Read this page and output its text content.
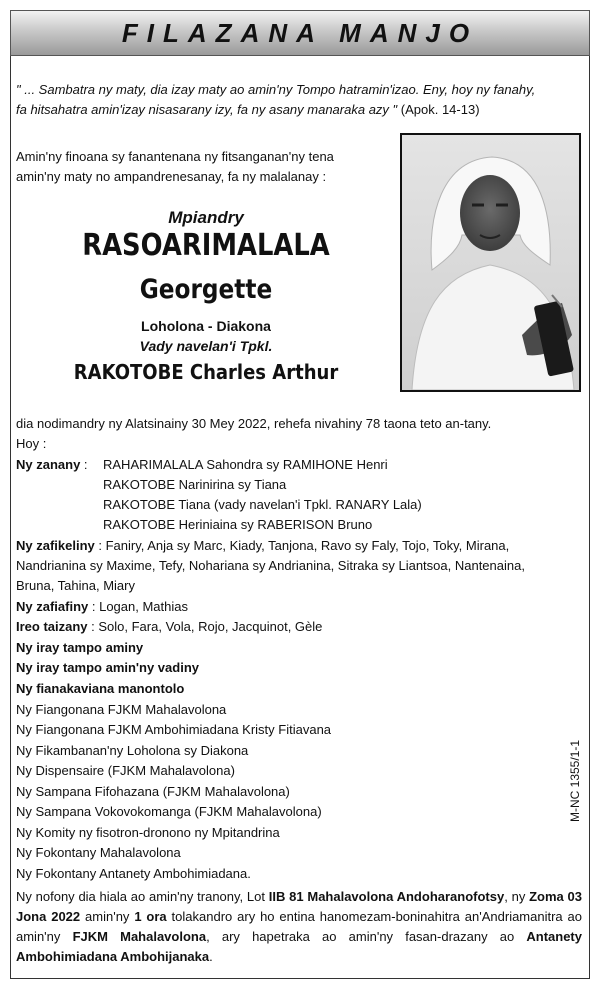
FILAZANA MANJO
" ... Sambatra ny maty, dia izay maty ao amin'ny Tompo hatramin'izao. Eny, hoy ny fanahy,
fa hitsahatra amin'izay nisasarany izy, fa ny asany manaraka azy " (Apok. 14-13)
Amin'ny finoana sy fanantenana ny fitsanganan'ny tena
amin'ny maty no ampandrenesanay, fa ny malalanay :
Mpiandry
RASOARIMALALA
Georgette
Loholona - Diakona
Vady navelan'i Tpkl.
RAKOTOBE Charles Arthur
dia nodimandry ny Alatsinainy 30 Mey 2022, rehefa nivahiny 78 taona teto an-tany.
Hoy :
Ny zanany : RAHARIMALALA Sahondra sy RAMIHONE Henri
RAKOTOBE Narinirina sy Tiana
RAKOTOBE Tiana (vady navelan'i Tpkl. RANARY Lala)
RAKOTOBE Heriniaina sy RABERISON Bruno
Ny zafikeliny : Faniry, Anja sy Marc, Kiady, Tanjona, Ravo sy Faly, Tojo, Toky, Mirana,
Nandrianina sy Maxime, Tefy, Nohariana sy Andrianina, Sitraka sy Liantsoa, Nantenaina,
Bruna, Tahina, Miary
Ny zafiafiny : Logan, Mathias
Ireo taizany : Solo, Fara, Vola, Rojo, Jacquinot, Gèle
Ny iray tampo aminy
Ny iray tampo amin'ny vadiny
Ny fianakaviana manontolo
Ny Fiangonana FJKM Mahalavolona
Ny Fiangonana FJKM Ambohimiadana Kristy Fitiavana
Ny Fikambanan'ny Loholona sy Diakona
Ny Dispensaire (FJKM Mahalavolona)
Ny Sampana Fifohazana (FJKM Mahalavolona)
Ny Sampana Vokovokomanga (FJKM Mahalavolona)
Ny Komity ny fisotron-dronono ny Mpitandrina
Ny Fokontany Mahalavolona
Ny Fokontany Antanety Ambohimiadana.
M-NC 1355/1-1
Ny nofony dia hiala ao amin'ny tranony, Lot IIB 81 Mahalavolona Andoharanofotsy, ny Zoma 03 Jona 2022 amin'ny 1 ora tolakandro ary ho entina hanomezam-boninahitra an'Andriamanitra ao amin'ny FJKM Mahalavolona, ary hapetraka ao amin'ny fasan-drazany ao Antanety Ambohimiadana Ambohijanaka.
